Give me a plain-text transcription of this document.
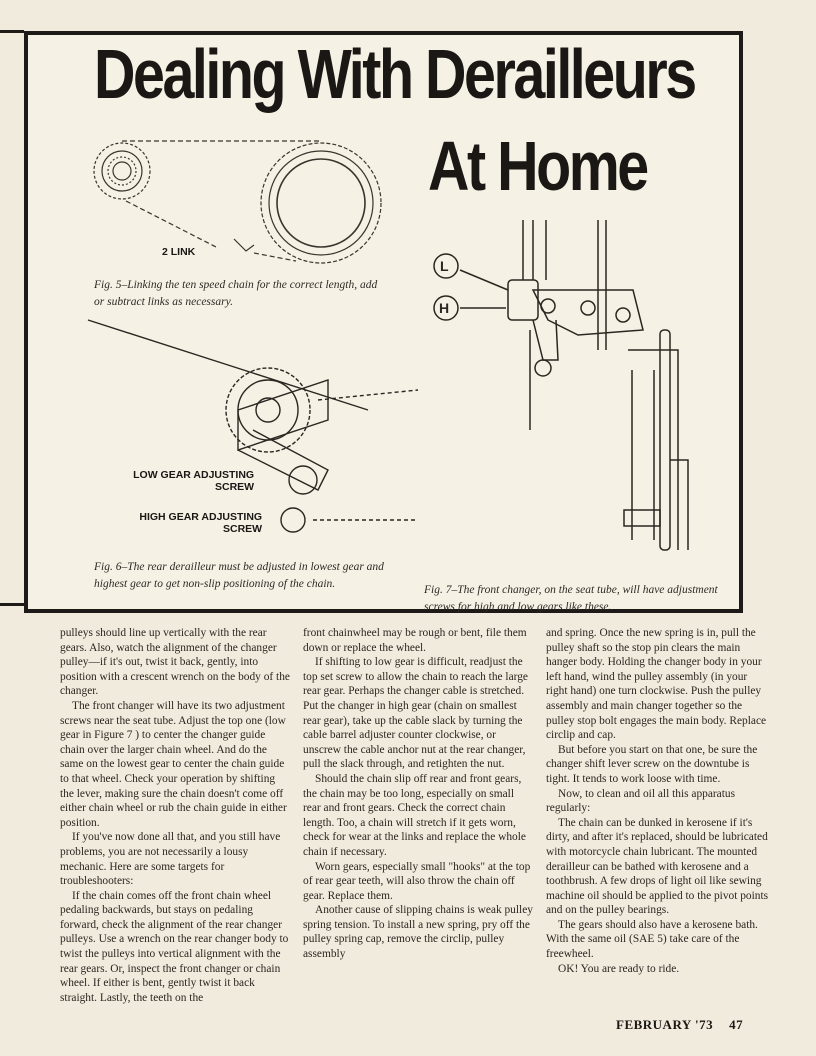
Dealing With Derailleurs
At Home
2 LINK
Fig. 5–Linking the ten speed chain for the correct length, add or subtract links as necessary.
L
H
Fig. 7–The front changer, on the seat tube, will have adjustment screws for high and low gears like these.
LOW GEAR ADJUSTING
SCREW
HIGH GEAR ADJUSTING
SCREW
Fig. 6–The rear derailleur must be adjusted in lowest gear and highest gear to get non-slip positioning of the chain.

pulleys should line up vertically with the rear gears. Also, watch the alignment of the changer pulley—if it's out, twist it back, gently, into position with a crescent wrench on the body of the changer.

The front changer will have its two adjustment screws near the seat tube. Adjust the top one (low gear in Figure 7 ) to center the changer guide chain over the larger chain wheel. And do the same on the lowest gear to center the chain guide to that wheel. Check your operation by shifting the lever, making sure the chain doesn't come off either chain wheel or rub the chain guide in either position.

If you've now done all that, and you still have problems, you are not necessarily a lousy mechanic. Here are some targets for troubleshooters:

If the chain comes off the front chain wheel pedaling backwards, but stays on pedaling forward, check the alignment of the rear changer pulleys. Use a wrench on the rear changer body to twist the pulleys into vertical alignment with the rear gears. Or, inspect the front changer or chain wheel. If either is bent, gently twist it back straight. Lastly, the teeth on the

front chainwheel may be rough or bent, file them down or replace the wheel.

If shifting to low gear is difficult, readjust the top set screw to allow the chain to reach the large rear gear. Perhaps the changer cable is stretched.

Put the changer in high gear (chain on smallest rear gear), take up the cable slack by turning the cable barrel adjuster counter clockwise, or unscrew the cable anchor nut at the rear changer, pull the slack through, and retighten the nut.

Should the chain slip off rear and front gears, the chain may be too long, especially on small rear and front gears. Check the correct chain length. Too, a chain will stretch if it gets worn, check for wear at the links and replace the whole chain if necessary.

Worn gears, especially small "hooks" at the top of rear gear teeth, will also throw the chain off gear. Replace them.

Another cause of slipping chains is weak pulley spring tension. To install a new spring, pry off the pulley spring cap, remove the circlip, pulley assembly

and spring. Once the new spring is in, pull the pulley shaft so the stop pin clears the main hanger body. Holding the changer body in your left hand, wind the pulley assembly (in your right hand) one turn clockwise. Push the pulley assembly and main changer together so the pulley stop bolt engages the main body. Replace circlip and cap.

But before you start on that one, be sure the changer shift lever screw on the downtube is tight. It tends to work loose with time.

Now, to clean and oil all this apparatus regularly:

The chain can be dunked in kerosene if it's dirty, and after it's replaced, should be lubricated with motorcycle chain lubricant. The mounted derailleur can be bathed with kerosene and a toothbrush. A few drops of light oil like sewing machine oil should be applied to the pivot points and on the pulley bearings.

The gears should also have a kerosene bath. With the same oil (SAE 5) take care of the freewheel.

OK! You are ready to ride.

FEBRUARY '73 47
